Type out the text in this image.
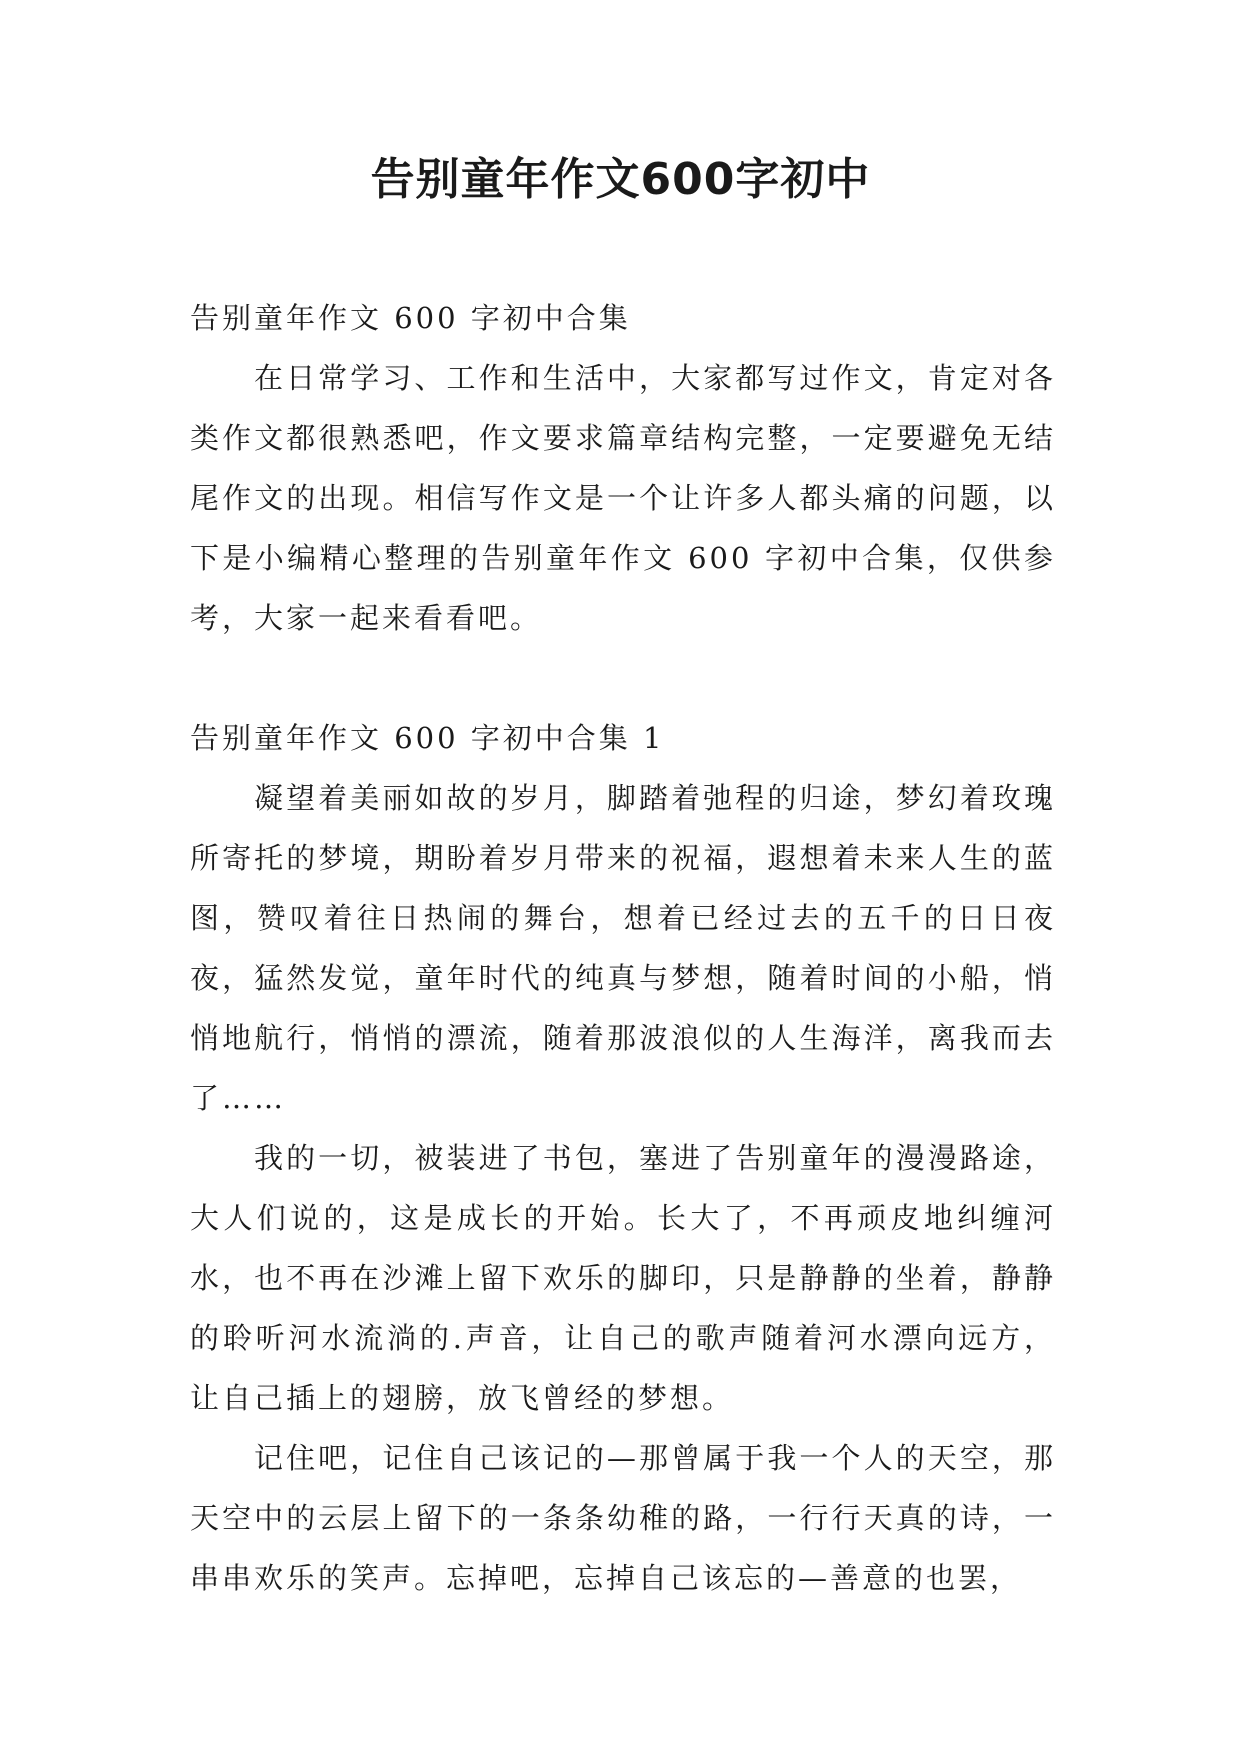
告别童年作文600字初中

告别童年作文 600 字初中合集

在日常学习、工作和生活中，大家都写过作文，肯定对各类作文都很熟悉吧，作文要求篇章结构完整，一定要避免无结尾作文的出现。相信写作文是一个让许多人都头痛的问题，以下是小编精心整理的告别童年作文 600 字初中合集，仅供参考，大家一起来看看吧。

告别童年作文 600 字初中合集 1

凝望着美丽如故的岁月，脚踏着弛程的归途，梦幻着玫瑰所寄托的梦境，期盼着岁月带来的祝福，遐想着未来人生的蓝图，赞叹着往日热闹的舞台，想着已经过去的五千的日日夜夜，猛然发觉，童年时代的纯真与梦想，随着时间的小船，悄悄地航行，悄悄的漂流，随着那波浪似的人生海洋，离我而去了……

我的一切，被装进了书包，塞进了告别童年的漫漫路途，大人们说的，这是成长的开始。长大了，不再顽皮地纠缠河水，也不再在沙滩上留下欢乐的脚印，只是静静的坐着，静静的聆听河水流淌的.声音，让自己的歌声随着河水漂向远方，让自己插上的翅膀，放飞曾经的梦想。

记住吧，记住自己该记的—那曾属于我一个人的天空，那天空中的云层上留下的一条条幼稚的路，一行行天真的诗，一串串欢乐的笑声。忘掉吧，忘掉自己该忘的—善意的也罢，
